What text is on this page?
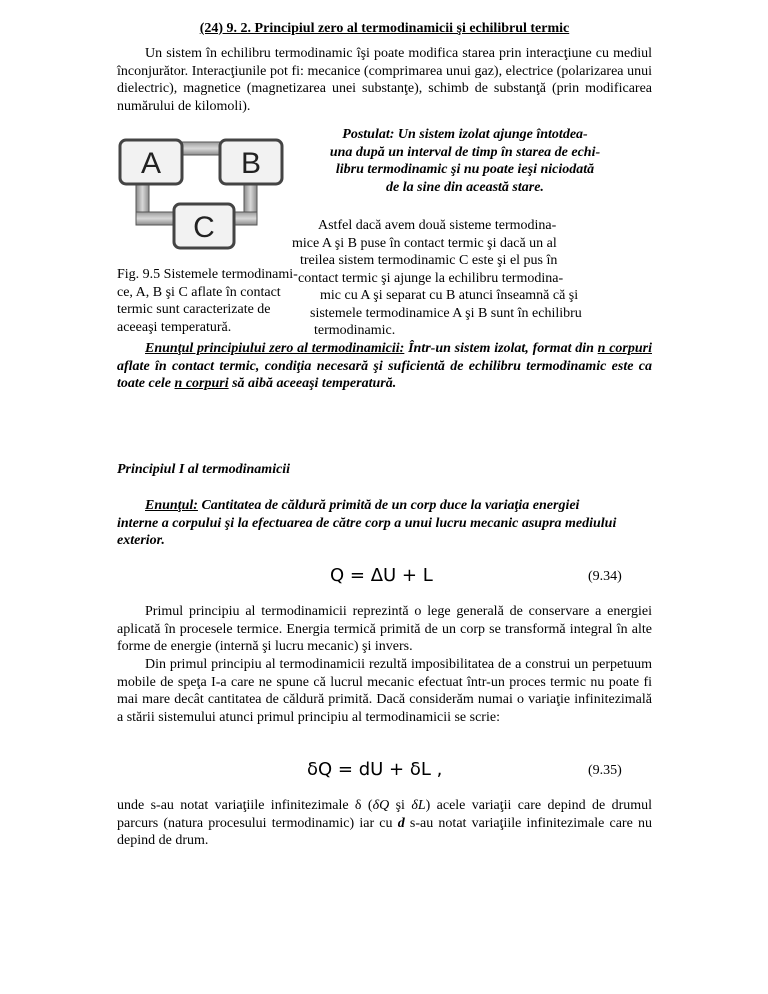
(24) 9. 2. Principiul zero al termodinamicii şi echilibrul termic
Un sistem în echilibru termodinamic îşi poate modifica starea prin interacţiune cu mediul înconjurător. Interacţiunile pot fi: mecanice (comprimarea unui gaz), electrice (polarizarea unui dielectric), magnetice (magnetizarea unei substanţe), schimb de substanţă (prin modificarea numărului de kilomoli).
A	B
C
Postulat: Un sistem izolat ajunge întotdea-
una după un interval de timp în starea de echi-
libru termodinamic şi nu poate ieşi niciodată
de la sine din această stare.
Astfel dacă avem două sisteme termodina-
mice A şi B puse în contact termic şi dacă un al
treilea sistem termodinamic C este şi el pus în
contact termic şi ajunge la echilibru termodina-
mic cu A şi separat cu B atunci înseamnă că şi
sistemele termodinamice A şi B sunt în echilibru
termodinamic.
Fig. 9.5 Sistemele termodinami-
ce, A, B şi C aflate în contact
termic sunt caracterizate de
aceeaşi temperatură.
Enunţul principiului zero al termodinamicii: Într-un sistem izolat, format din n corpuri aflate în contact termic, condiţia necesară şi suficientă de echilibru termodinamic este ca toate cele n corpuri să aibă aceeaşi temperatură.
Principiul I al termodinamicii
Enunţul: Cantitatea de căldură primită de un corp duce la variaţia energiei interne a corpului şi la efectuarea de către corp a unui lucru mecanic asupra mediului exterior.
Q = ΔU + L	(9.34)
Primul principiu al termodinamicii reprezintă o lege generală de conservare a energiei aplicată în procesele termice. Energia termică primită de un corp se transformă integral în alte forme de energie (internă şi lucru mecanic) şi invers.
Din primul principiu al termodinamicii rezultă imposibilitatea de a construi un perpetuum mobile de speţa I-a care ne spune că lucrul mecanic efectuat într-un proces termic nu poate fi mai mare decât cantitatea de căldură primită. Dacă considerăm numai o variaţie infinitezimală a stării sistemului atunci primul principiu al termodinamicii se scrie:
δQ = dU + δL ,	(9.35)
unde s-au notat variaţiile infinitezimale δ (δQ şi δL) acele variaţii care depind de drumul parcurs (natura procesului termodinamic) iar cu d s-au notat variaţiile infinitezimale care nu depind de drum.
